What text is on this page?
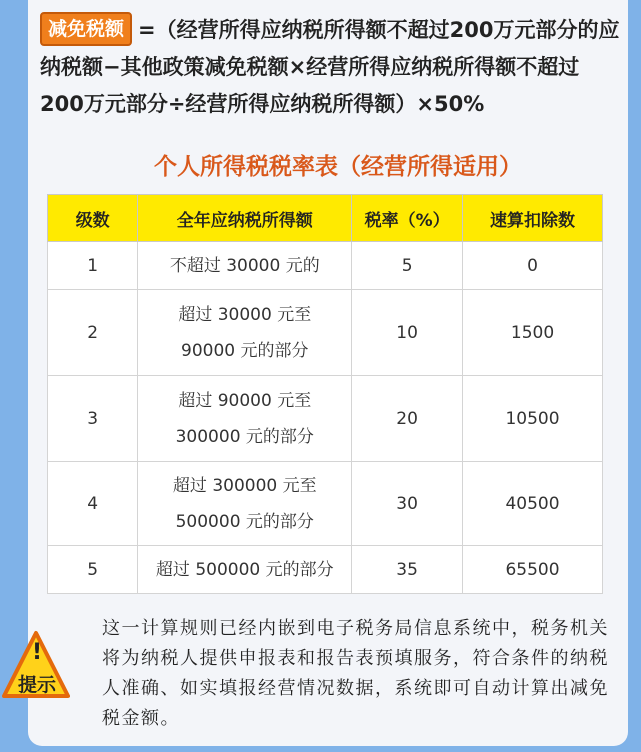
减免税额 =（经营所得应纳税所得额不超过200万元部分的应纳税额−其他政策减免税额×经营所得应纳税所得额不超过200万元部分÷经营所得应纳税所得额）×50%
个人所得税税率表（经营所得适用）
级数	全年应纳税所得额	税率（%）	速算扣除数
1	不超过 30000 元的	5	0
2	超过 30000 元至
90000 元的部分	10	1500
3	超过 90000 元至
300000 元的部分	20	10500
4	超过 300000 元至
500000 元的部分	30	40500
5	超过 500000 元的部分	35	65500
这一计算规则已经内嵌到电子税务局信息系统中，税务机关将为纳税人提供申报表和报告表预填服务，符合条件的纳税人准确、如实填报经营情况数据，系统即可自动计算出减免税金额。
!
提示
